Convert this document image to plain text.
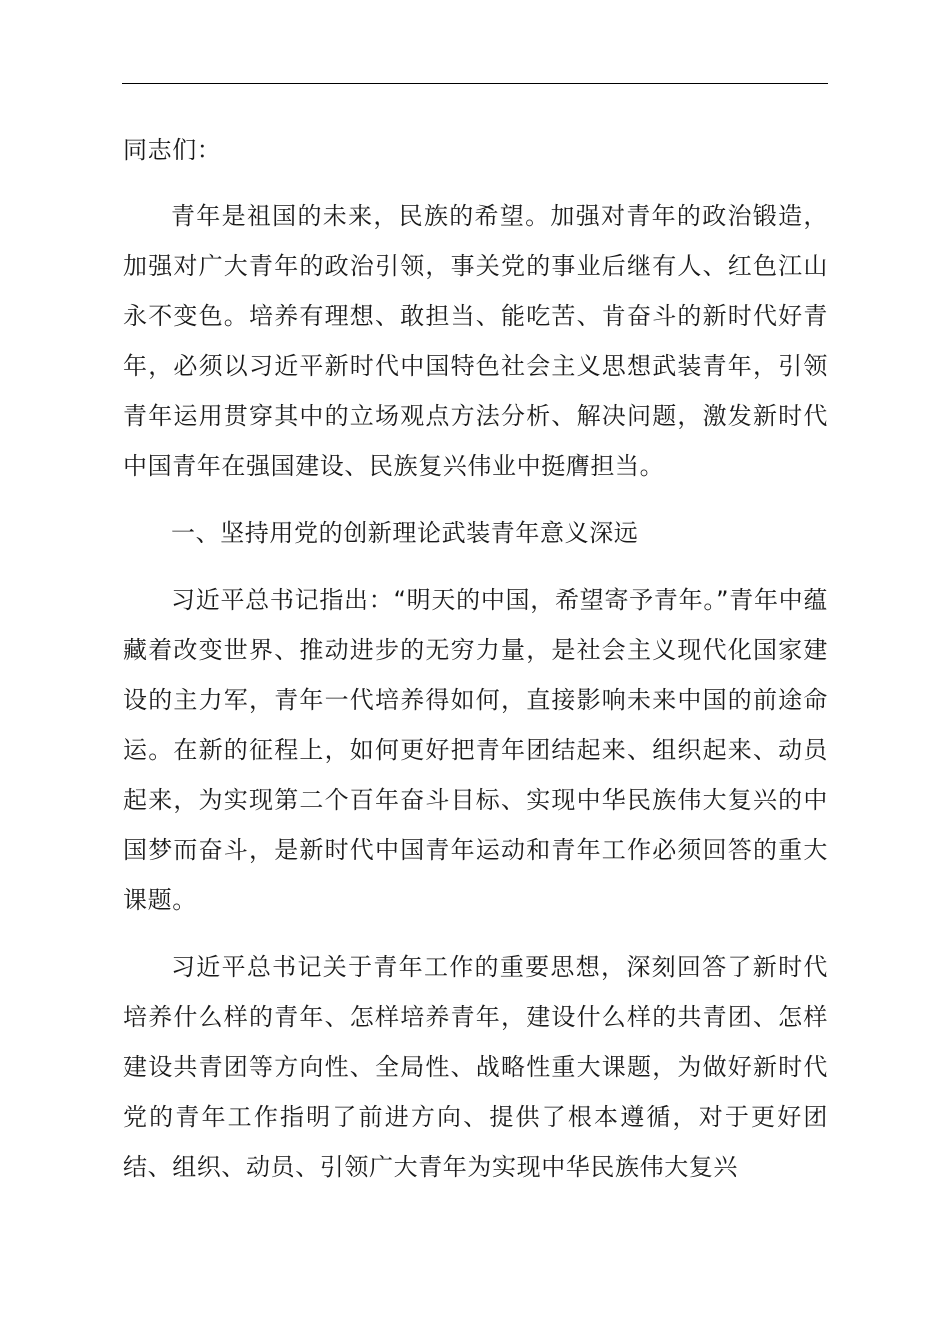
同志们：

青年是祖国的未来，民族的希望。加强对青年的政治锻造，加强对广大青年的政治引领，事关党的事业后继有人、红色江山永不变色。培养有理想、敢担当、能吃苦、肯奋斗的新时代好青年，必须以习近平新时代中国特色社会主义思想武装青年，引领青年运用贯穿其中的立场观点方法分析、解决问题，激发新时代中国青年在强国建设、民族复兴伟业中挺膺担当。

一、坚持用党的创新理论武装青年意义深远

习近平总书记指出：“明天的中国，希望寄予青年。”青年中蕴藏着改变世界、推动进步的无穷力量，是社会主义现代化国家建设的主力军，青年一代培养得如何，直接影响未来中国的前途命运。在新的征程上，如何更好把青年团结起来、组织起来、动员起来，为实现第二个百年奋斗目标、实现中华民族伟大复兴的中国梦而奋斗，是新时代中国青年运动和青年工作必须回答的重大课题。

习近平总书记关于青年工作的重要思想，深刻回答了新时代培养什么样的青年、怎样培养青年，建设什么样的共青团、怎样建设共青团等方向性、全局性、战略性重大课题，为做好新时代党的青年工作指明了前进方向、提供了根本遵循，对于更好团结、组织、动员、引领广大青年为实现中华民族伟大复兴
